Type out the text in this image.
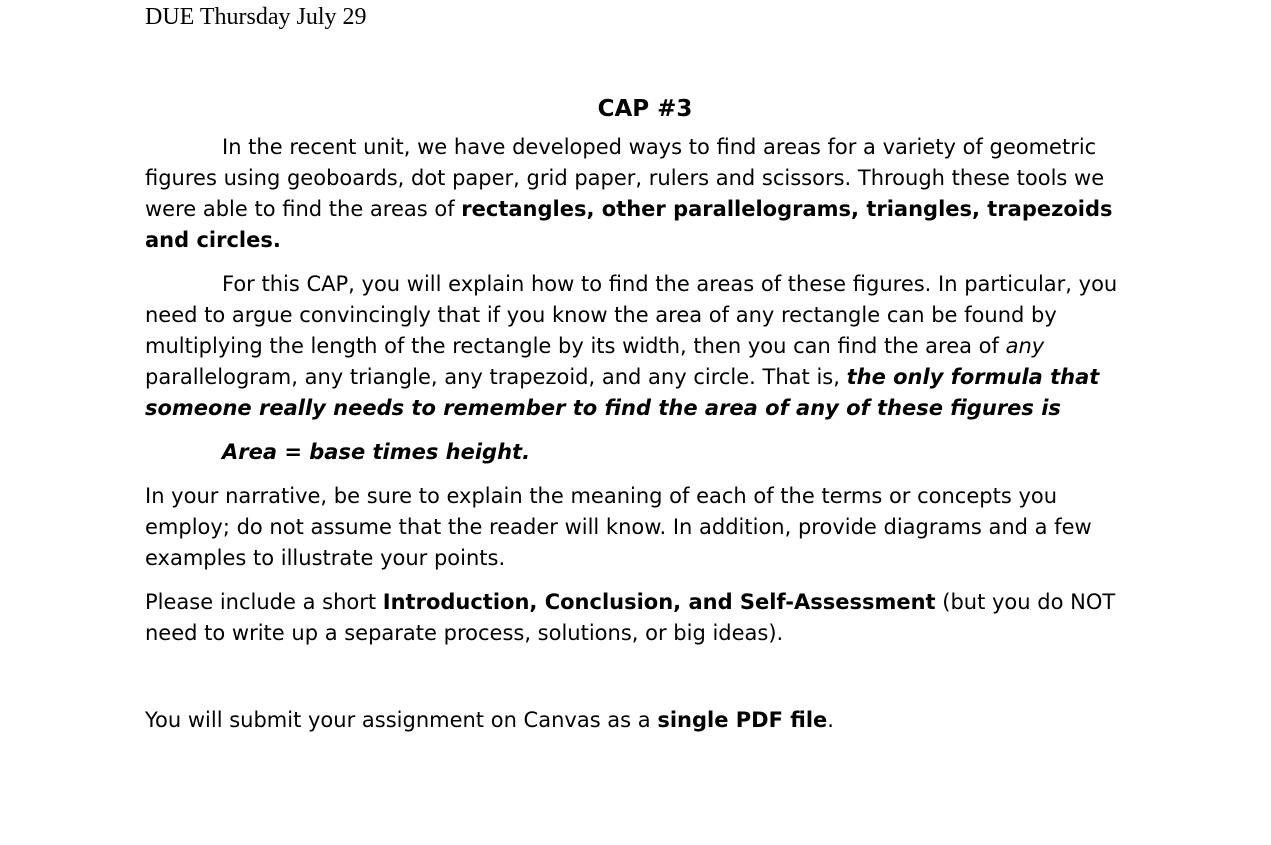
DUE Thursday July 29

CAP #3

In the recent unit, we have developed ways to find areas for a variety of geometric figures using geoboards, dot paper, grid paper, rulers and scissors. Through these tools we were able to find the areas of rectangles, other parallelograms, triangles, trapezoids and circles.

For this CAP, you will explain how to find the areas of these figures. In particular, you need to argue convincingly that if you know the area of any rectangle can be found by multiplying the length of the rectangle by its width, then you can find the area of any parallelogram, any triangle, any trapezoid, and any circle. That is, the only formula that someone really needs to remember to find the area of any of these figures is

Area = base times height.

In your narrative, be sure to explain the meaning of each of the terms or concepts you employ; do not assume that the reader will know. In addition, provide diagrams and a few examples to illustrate your points.

Please include a short Introduction, Conclusion, and Self-Assessment (but you do NOT need to write up a separate process, solutions, or big ideas).

You will submit your assignment on Canvas as a single PDF file.
